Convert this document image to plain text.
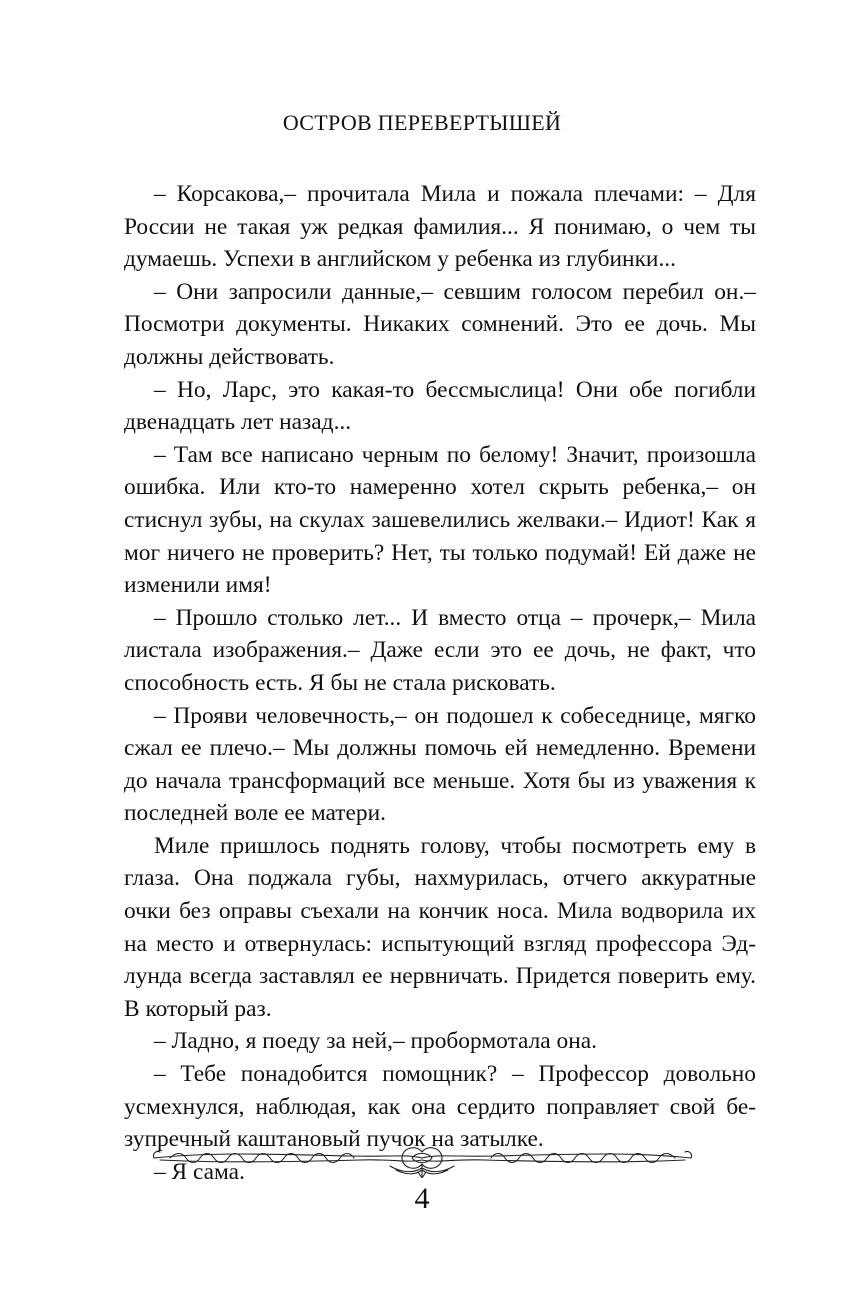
ОСТРОВ ПЕРЕВЕРТЫШЕЙ

– Корсакова,– прочитала Мила и пожала плечами: – Для России не такая уж редкая фамилия... Я понимаю, о чем ты думаешь. Успехи в английском у ребенка из глубинки...

– Они запросили данные,– севшим голосом перебил он.– Посмотри документы. Никаких сомнений. Это ее дочь. Мы должны действовать.

– Но, Ларс, это какая-то бессмыслица! Они обе погибли двенадцать лет назад...

– Там все написано черным по белому! Значит, произошла ошибка. Или кто-то намеренно хотел скрыть ребенка,– он стиснул зубы, на скулах зашевелились желваки.– Идиот! Как я мог ничего не проверить? Нет, ты только подумай! Ей даже не изменили имя!

– Прошло столько лет... И вместо отца – прочерк,– Мила листала изображения.– Даже если это ее дочь, не факт, что способность есть. Я бы не стала рисковать.

– Прояви человечность,– он подошел к собеседнице, мягко сжал ее плечо.– Мы должны помочь ей немедленно. Времени до начала трансформаций все меньше. Хотя бы из уважения к последней воле ее матери.

Миле пришлось поднять голову, чтобы посмотреть ему в глаза. Она поджала губы, нахмурилась, отчего аккуратные очки без оправы съехали на кончик носа. Мила водворила их на место и отвернулась: испытующий взгляд профессора Эдлунда всегда заставлял ее нервничать. Придется поверить ему. В который раз.

– Ладно, я поеду за ней,– пробормотала она.

– Тебе понадобится помощник? – Профессор довольно усмехнулся, наблюдая, как она сердито поправляет свой безупречный каштановый пучок на затылке.

– Я сама.

4
